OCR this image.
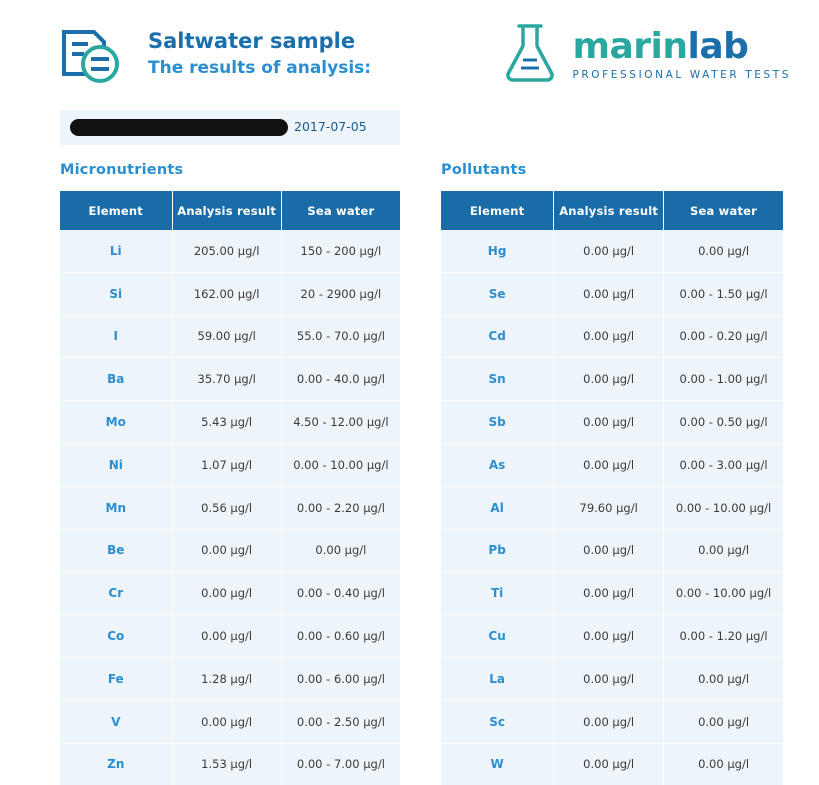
Saltwater sample
The results of analysis:
marinlab
PROFESSIONAL WATER TESTS
2017-07-05
Micronutrients
Element	Analysis result	Sea water
Li	205.00 µg/l	150 - 200 µg/l
Si	162.00 µg/l	20 - 2900 µg/l
I	59.00 µg/l	55.0 - 70.0 µg/l
Ba	35.70 µg/l	0.00 - 40.0 µg/l
Mo	5.43 µg/l	4.50 - 12.00 µg/l
Ni	1.07 µg/l	0.00 - 10.00 µg/l
Mn	0.56 µg/l	0.00 - 2.20 µg/l
Be	0.00 µg/l	0.00 µg/l
Cr	0.00 µg/l	0.00 - 0.40 µg/l
Co	0.00 µg/l	0.00 - 0.60 µg/l
Fe	1.28 µg/l	0.00 - 6.00 µg/l
V	0.00 µg/l	0.00 - 2.50 µg/l
Zn	1.53 µg/l	0.00 - 7.00 µg/l
Pollutants
Element	Analysis result	Sea water
Hg	0.00 µg/l	0.00 µg/l
Se	0.00 µg/l	0.00 - 1.50 µg/l
Cd	0.00 µg/l	0.00 - 0.20 µg/l
Sn	0.00 µg/l	0.00 - 1.00 µg/l
Sb	0.00 µg/l	0.00 - 0.50 µg/l
As	0.00 µg/l	0.00 - 3.00 µg/l
Al	79.60 µg/l	0.00 - 10.00 µg/l
Pb	0.00 µg/l	0.00 µg/l
Ti	0.00 µg/l	0.00 - 10.00 µg/l
Cu	0.00 µg/l	0.00 - 1.20 µg/l
La	0.00 µg/l	0.00 µg/l
Sc	0.00 µg/l	0.00 µg/l
W	0.00 µg/l	0.00 µg/l
